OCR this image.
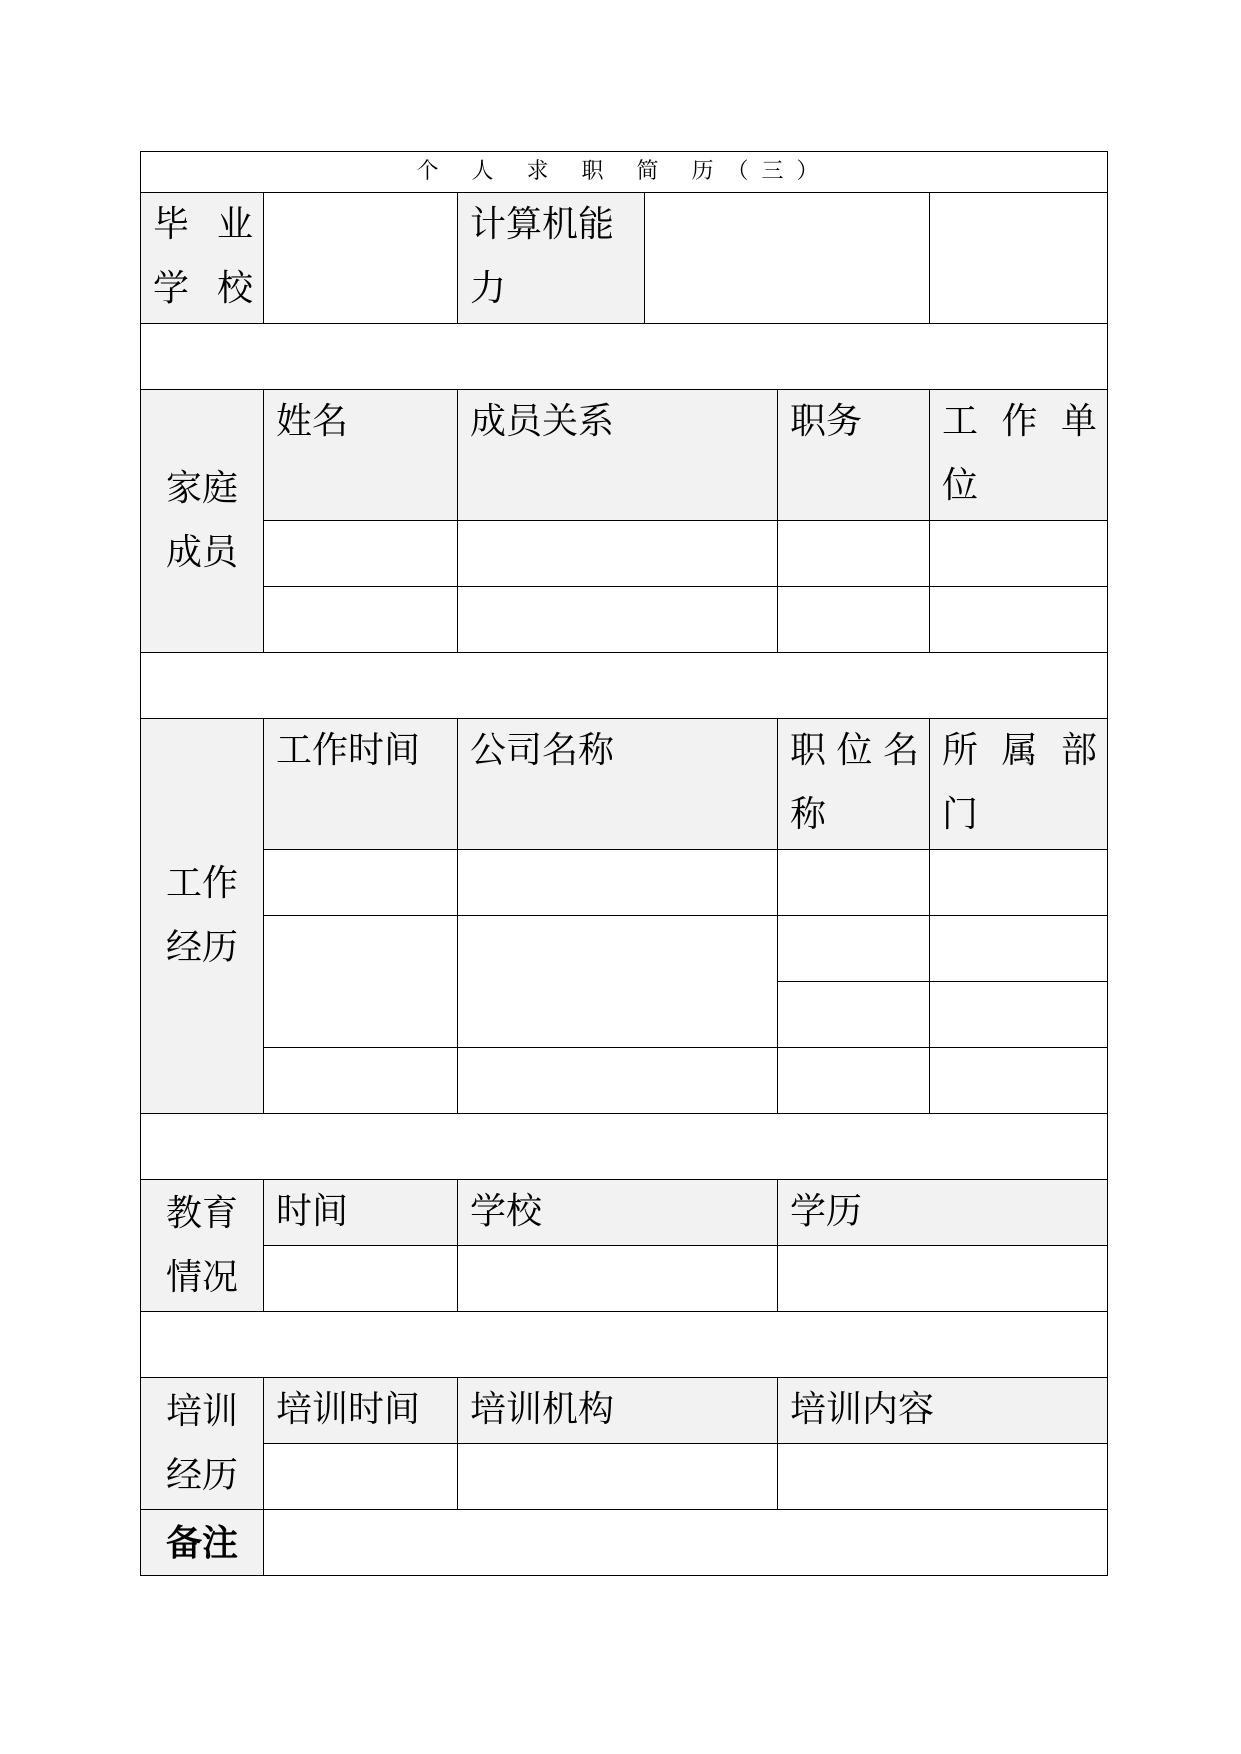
个 人 求 职 简 历（三）					
毕 业 学校		计算机能力			

家庭成员	姓名	成员关系		职务	工 作 单位

工作经历	工作时间	公司名称		职位名称	所 属 部门

教育情况	时间	学校		学历	

培训经历	培训时间	培训机构		培训内容	

备注					
